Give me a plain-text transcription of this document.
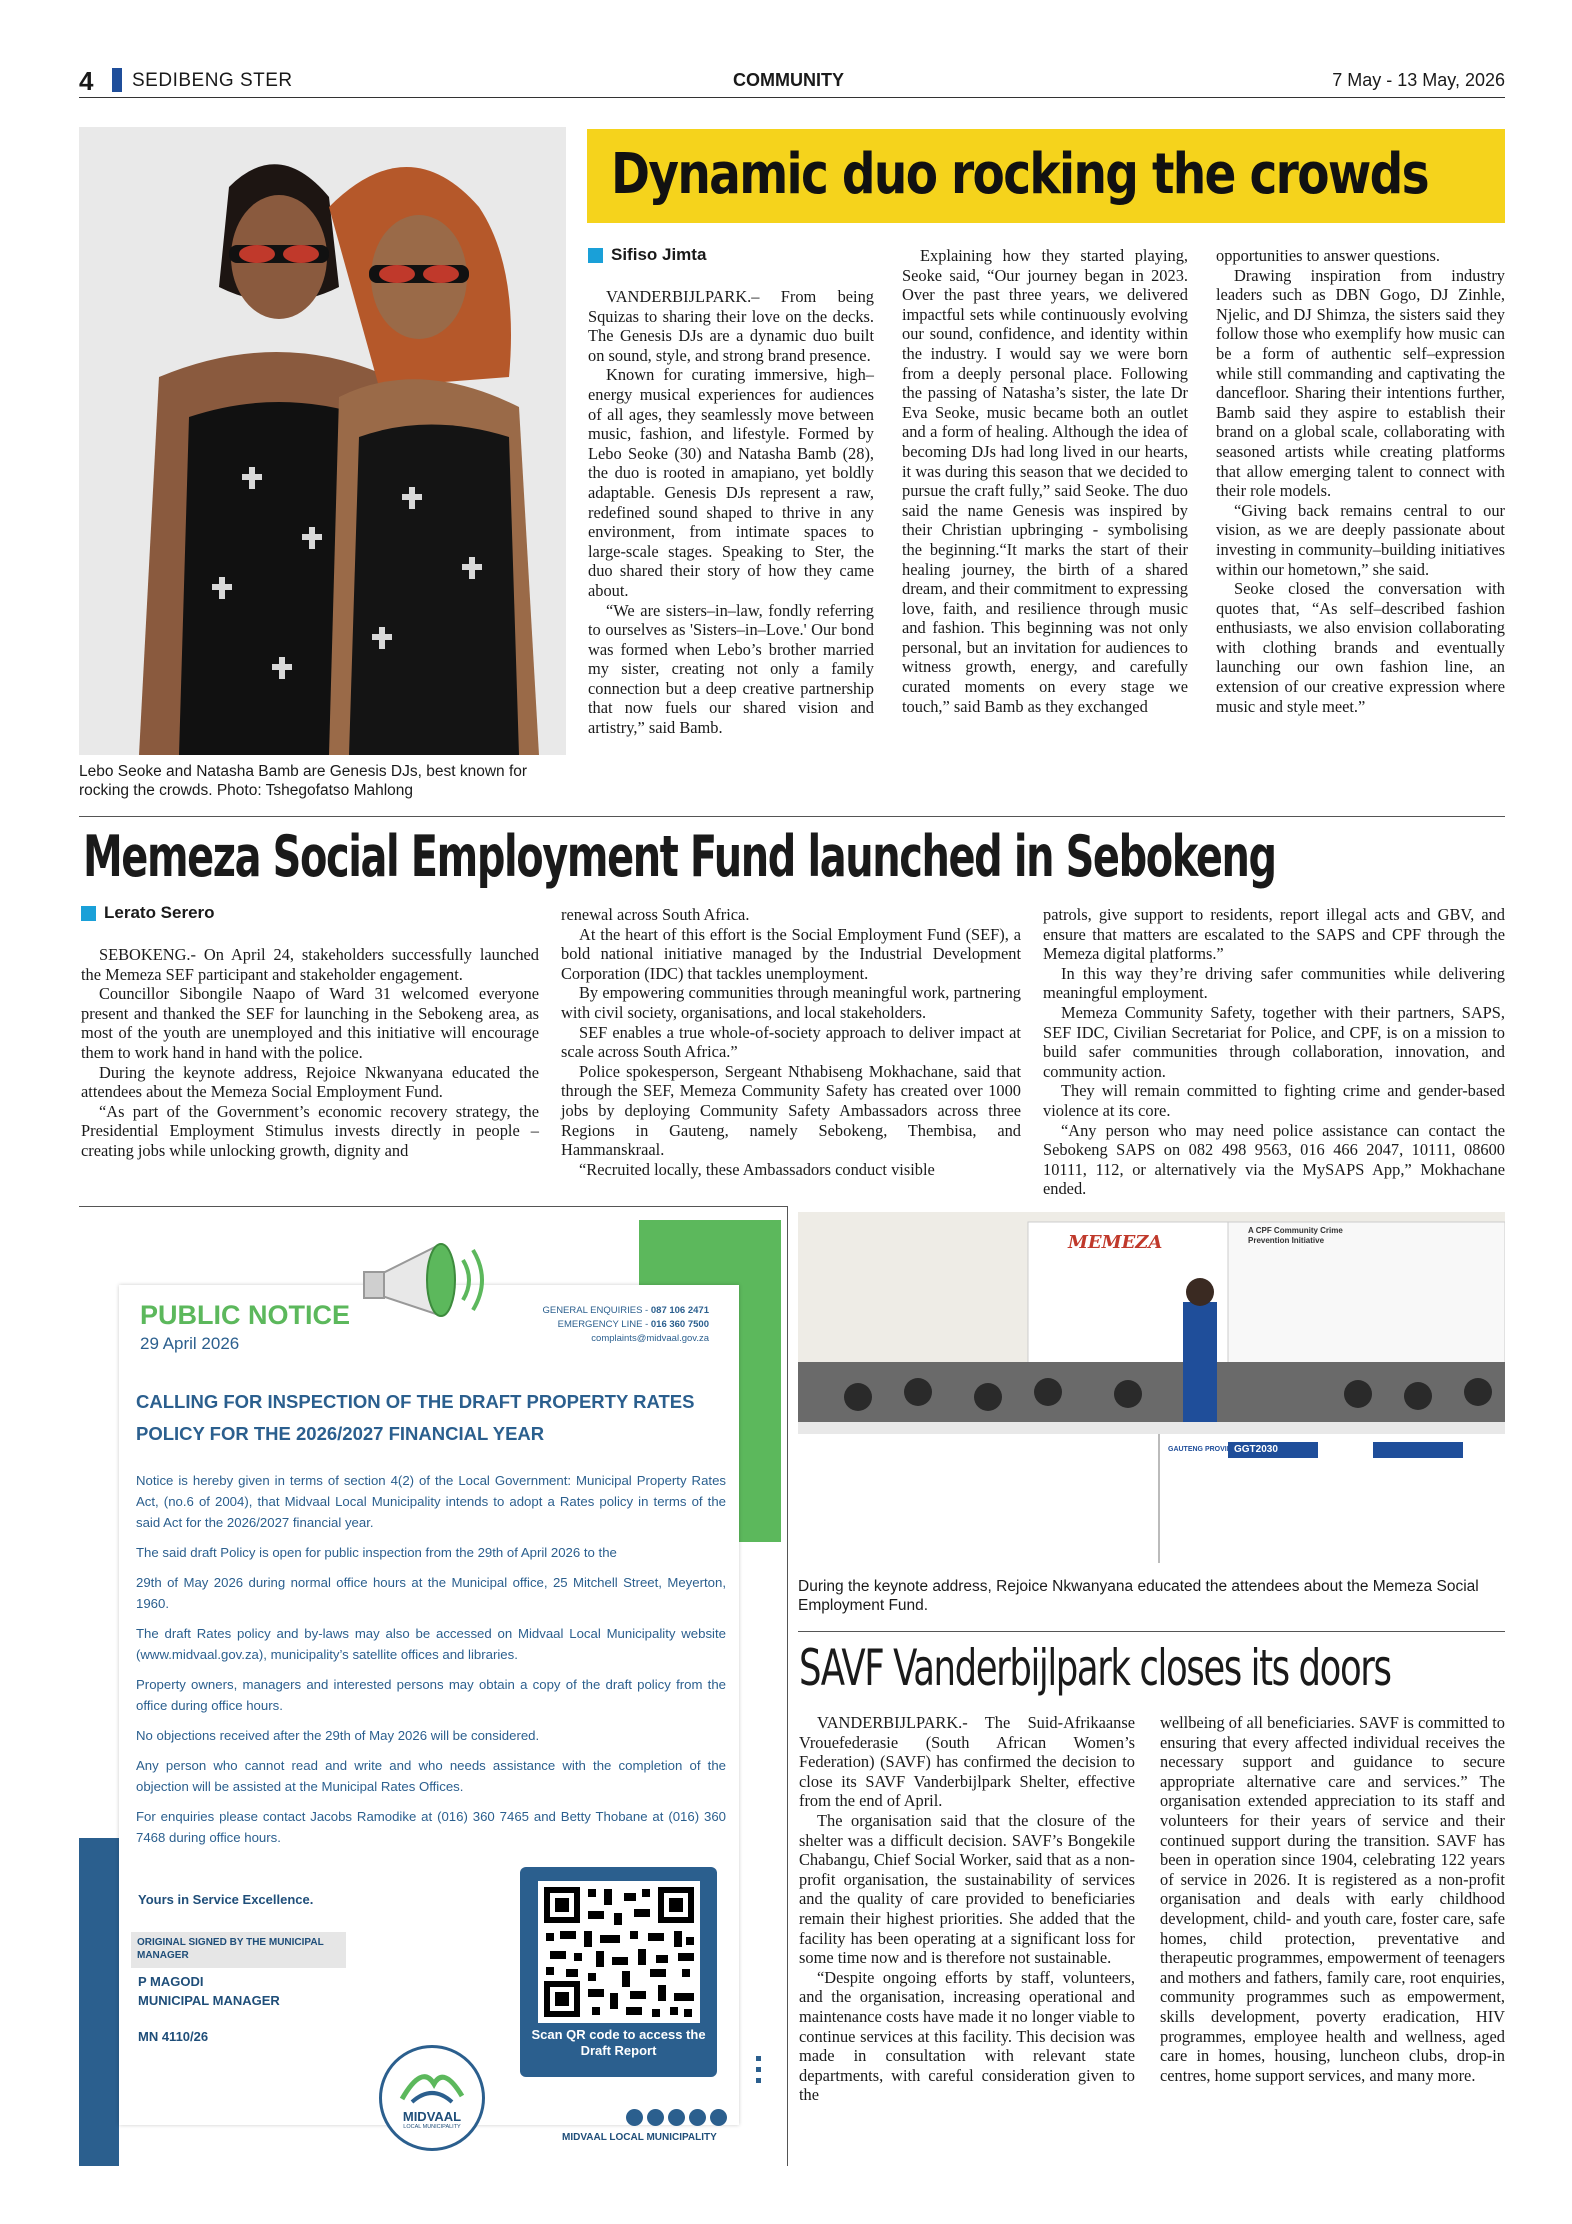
4 SEDIBENG STER	COMMUNITY	7 May - 13 May, 2026
Lebo Seoke and Natasha Bamb are Genesis DJs, best known for rocking the crowds. Photo: Tshegofatso Mahlong
Dynamic duo rocking the crowds
Sifiso Jimta

VANDERBIJLPARK.– From being Squizas to sharing their love on the decks. The Genesis DJs are a dynamic duo built on sound, style, and strong brand presence.

Known for curating immersive, high–energy musical experiences for audiences of all ages, they seamlessly move between music, fashion, and lifestyle. Formed by Lebo Seoke (30) and Natasha Bamb (28), the duo is rooted in amapiano, yet boldly adaptable. Genesis DJs represent a raw, redefined sound shaped to thrive in any environment, from intimate spaces to large-scale stages. Speaking to Ster, the duo shared their story of how they came about.

“We are sisters–in–law, fondly referring to ourselves as 'Sisters–in–Love.' Our bond was formed when Lebo’s brother married my sister, creating not only a family connection but a deep creative partnership that now fuels our shared vision and artistry,” said Bamb.

Explaining how they started playing, Seoke said, “Our journey began in 2023. Over the past three years, we delivered impactful sets while continuously evolving our sound, confidence, and identity within the industry. I would say we were born from a deeply personal place. Following the passing of Natasha’s sister, the late Dr Eva Seoke, music became both an outlet and a form of healing. Although the idea of becoming DJs had long lived in our hearts, it was during this season that we decided to pursue the craft fully,” said Seoke. The duo said the name Genesis was inspired by their Christian upbringing - symbolising the beginning.“It marks the start of their healing journey, the birth of a shared dream, and their commitment to expressing love, faith, and resilience through music and fashion. This beginning was not only personal, but an invitation for audiences to witness growth, energy, and carefully curated moments on every stage we touch,” said Bamb as they exchanged

opportunities to answer questions.

Drawing inspiration from industry leaders such as DBN Gogo, DJ Zinhle, Njelic, and DJ Shimza, the sisters said they follow those who exemplify how music can be a form of authentic self–expression while still commanding and captivating the dancefloor. Sharing their intentions further, Bamb said they aspire to establish their brand on a global scale, collaborating with seasoned artists while creating platforms that allow emerging talent to connect with their role models.

“Giving back remains central to our vision, as we are deeply passionate about investing in community–building initiatives within our hometown,” she said.

Seoke closed the conversation with quotes that, “As self–described fashion enthusiasts, we also envision collaborating with clothing brands and eventually launching our own fashion line, an extension of our creative expression where music and style meet.”

Memeza Social Employment Fund launched in Sebokeng
Lerato Serero

SEBOKENG.- On April 24, stakeholders successfully launched the Memeza SEF participant and stakeholder engagement.

Councillor Sibongile Naapo of Ward 31 welcomed everyone present and thanked the SEF for launching in the Sebokeng area, as most of the youth are unemployed and this initiative will encourage them to work hand in hand with the police.

During the keynote address, Rejoice Nkwanyana educated the attendees about the Memeza Social Employment Fund.

“As part of the Government’s economic recovery strategy, the Presidential Employment Stimulus invests directly in people – creating jobs while unlocking growth, dignity and

renewal across South Africa.

At the heart of this effort is the Social Employment Fund (SEF), a bold national initiative managed by the Industrial Development Corporation (IDC) that tackles unemployment.

By empowering communities through meaningful work, partnering with civil society, organisations, and local stakeholders.

SEF enables a true whole-of-society approach to deliver impact at scale across South Africa.”

Police spokesperson, Sergeant Nthabiseng Mokhachane, said that through the SEF, Memeza Community Safety has created over 1000 jobs by deploying Community Safety Ambassadors across three Regions in Gauteng, namely Sebokeng, Thembisa, and Hammanskraal.

“Recruited locally, these Ambassadors conduct visible

patrols, give support to residents, report illegal acts and GBV, and ensure that matters are escalated to the SAPS and CPF through the Memeza digital platforms.”

In this way they’re driving safer communities while delivering meaningful employment.

Memeza Community Safety, together with their partners, SAPS, SEF IDC, Civilian Secretariat for Police, and CPF, is on a mission to build safer communities through collaboration, innovation, and community action.

They will remain committed to fighting crime and gender-based violence at its core.

“Any person who may need police assistance can contact the Sebokeng SAPS on 082 498 9563, 016 466 2047, 10111, 08600 10111, 112, or alternatively via the MySAPS App,” Mokhachane ended.

PUBLIC NOTICE
29 April 2026
GENERAL ENQUIRIES - 087 106 2471
EMERGENCY LINE - 016 360 7500
complaints@midvaal.gov.za
CALLING FOR INSPECTION OF THE DRAFT PROPERTY RATES POLICY FOR THE 2026/2027 FINANCIAL YEAR

Notice is hereby given in terms of section 4(2) of the Local Government: Municipal Property Rates Act, (no.6 of 2004), that Midvaal Local Municipality intends to adopt a Rates policy in terms of the said Act for the 2026/2027 financial year.

The said draft Policy is open for public inspection from the 29th of April 2026 to the

29th of May 2026 during normal office hours at the Municipal office, 25 Mitchell Street, Meyerton, 1960.

The draft Rates policy and by-laws may also be accessed on Midvaal Local Municipality website (www.midvaal.gov.za), municipality’s satellite offices and libraries.

Property owners, managers and interested persons may obtain a copy of the draft policy from the office during office hours.

No objections received after the 29th of May 2026 will be considered.

Any person who cannot read and write and who needs assistance with the completion of the objection will be assisted at the Municipal Rates Offices.

For enquiries please contact Jacobs Ramodike at (016) 360 7465 and Betty Thobane at (016) 360 7468 during office hours.

Yours in Service Excellence.
ORIGINAL SIGNED BY THE MUNICIPAL MANAGER
P MAGODI
MUNICIPAL MANAGER
MN 4110/26	Scan QR code to access the Draft Report
MIDVAAL
LOCAL MUNICIPALITY
MIDVAAL LOCAL MUNICIPALITY
MEMEZA
A CPF Community Crime Prevention Initiative
GAUTENG PROVINCE
GGT2030
During the keynote address, Rejoice Nkwanyana educated the attendees about the Memeza Social Employment Fund.
SAVF Vanderbijlpark closes its doors

VANDERBIJLPARK.- The Suid-Afrikaanse Vrouefederasie (South African Women’s Federation) (SAVF) has confirmed the decision to close its SAVF Vanderbijlpark Shelter, effective from the end of April.

The organisation said that the closure of the shelter was a difficult decision. SAVF’s Bongekile Chabangu, Chief Social Worker, said that as a non-profit organisation, the sustainability of services and the quality of care provided to beneficiaries remain their highest priorities. She added that the facility has been operating at a significant loss for some time now and is therefore not sustainable.

“Despite ongoing efforts by staff, volunteers, and the organisation, increasing operational and maintenance costs have made it no longer viable to continue services at this facility. This decision was made in consultation with relevant state departments, with careful consideration given to the

wellbeing of all beneficiaries. SAVF is committed to ensuring that every affected individual receives the necessary support and guidance to secure appropriate alternative care and services.” The organisation extended appreciation to its staff and volunteers for their years of service and their continued support during the transition. SAVF has been in operation since 1904, celebrating 122 years of service in 2026. It is registered as a non-profit organisation and deals with early childhood development, child- and youth care, foster care, safe homes, child protection, preventative and therapeutic programmes, empowerment of teenagers and mothers and fathers, family care, root enquiries, community programmes such as empowerment, skills development, poverty eradication, HIV programmes, employee health and wellness, aged care in homes, housing, luncheon clubs, drop-in centres, home support services, and many more.
